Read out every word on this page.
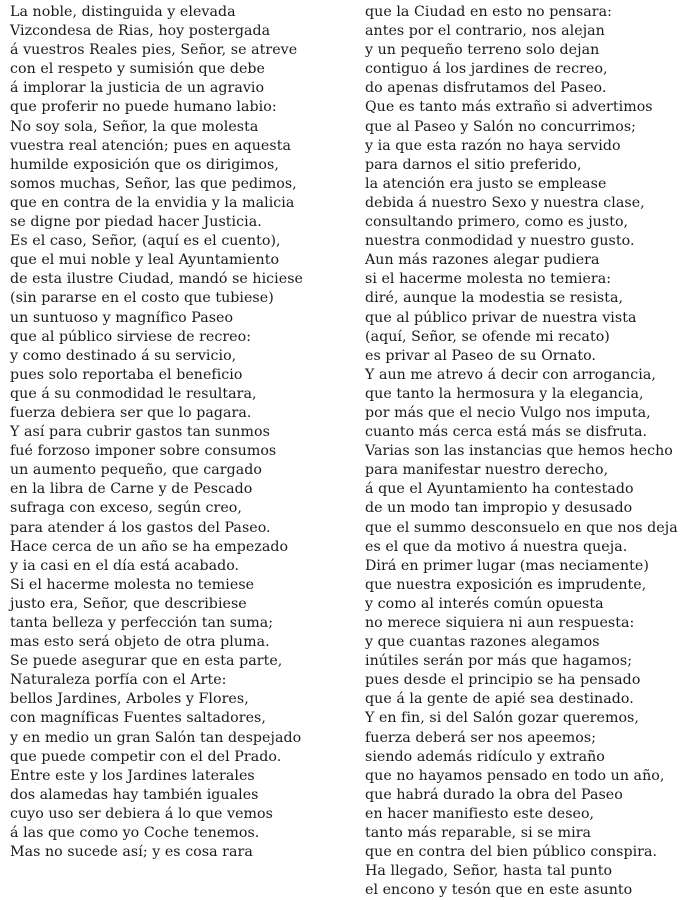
La noble, distinguida y elevada
Vizcondesa de Rias, hoy postergada
á vuestros Reales pies, Señor, se atreve
con el respeto y sumisión que debe
á implorar la justicia de un agravio
que proferir no puede humano labio:
No soy sola, Señor, la que molesta
vuestra real atención; pues en aquesta
humilde exposición que os dirigimos,
somos muchas, Señor, las que pedimos,
que en contra de la envidia y la malicia
se digne por piedad hacer Justicia.
Es el caso, Señor, (aquí es el cuento),
que el mui noble y leal Ayuntamiento
de esta ilustre Ciudad, mandó se hiciese
(sin pararse en el costo que tubiese)
un suntuoso y magnífico Paseo
que al público sirviese de recreo:
y como destinado á su servicio,
pues solo reportaba el beneficio
que á su conmodidad le resultara,
fuerza debiera ser que lo pagara.
Y así para cubrir gastos tan sunmos
fué forzoso imponer sobre consumos
un aumento pequeño, que cargado
en la libra de Carne y de Pescado
sufraga con exceso, según creo,
para atender á los gastos del Paseo.
Hace cerca de un año se ha empezado
y ia casi en el día está acabado.
Si el hacerme molesta no temiese
justo era, Señor, que describiese
tanta belleza y perfección tan suma;
mas esto será objeto de otra pluma.
Se puede asegurar que en esta parte,
Naturaleza porfía con el Arte:
bellos Jardines, Arboles y Flores,
con magníficas Fuentes saltadores,
y en medio un gran Salón tan despejado
que puede competir con el del Prado.
Entre este y los Jardines laterales
dos alamedas hay también iguales
cuyo uso ser debiera á lo que vemos
á las que como yo Coche tenemos.
Mas no sucede así; y es cosa rara
que la Ciudad en esto no pensara:
antes por el contrario, nos alejan
y un pequeño terreno solo dejan
contiguo á los jardines de recreo,
do apenas disfrutamos del Paseo.
Que es tanto más extraño si advertimos
que al Paseo y Salón no concurrimos;
y ia que esta razón no haya servido
para darnos el sitio preferido,
la atención era justo se emplease
debida á nuestro Sexo y nuestra clase,
consultando primero, como es justo,
nuestra conmodidad y nuestro gusto.
Aun más razones alegar pudiera
si el hacerme molesta no temiera:
diré, aunque la modestia se resista,
que al público privar de nuestra vista
(aquí, Señor, se ofende mi recato)
es privar al Paseo de su Ornato.
Y aun me atrevo á decir con arrogancia,
que tanto la hermosura y la elegancia,
por más que el necio Vulgo nos imputa,
cuanto más cerca está más se disfruta.
Varias son las instancias que hemos hecho
para manifestar nuestro derecho,
á que el Ayuntamiento ha contestado
de un modo tan impropio y desusado
que el summo desconsuelo en que nos deja
es el que da motivo á nuestra queja.
Dirá en primer lugar (mas neciamente)
que nuestra exposición es imprudente,
y como al interés común opuesta
no merece siquiera ni aun respuesta:
y que cuantas razones alegamos
inútiles serán por más que hagamos;
pues desde el principio se ha pensado
que á la gente de apié sea destinado.
Y en fin, si del Salón gozar queremos,
fuerza deberá ser nos apeemos;
siendo además ridículo y extraño
que no hayamos pensado en todo un año,
que habrá durado la obra del Paseo
en hacer manifiesto este deseo,
tanto más reparable, si se mira
que en contra del bien público conspira.
Ha llegado, Señor, hasta tal punto
el encono y tesón que en este asunto
